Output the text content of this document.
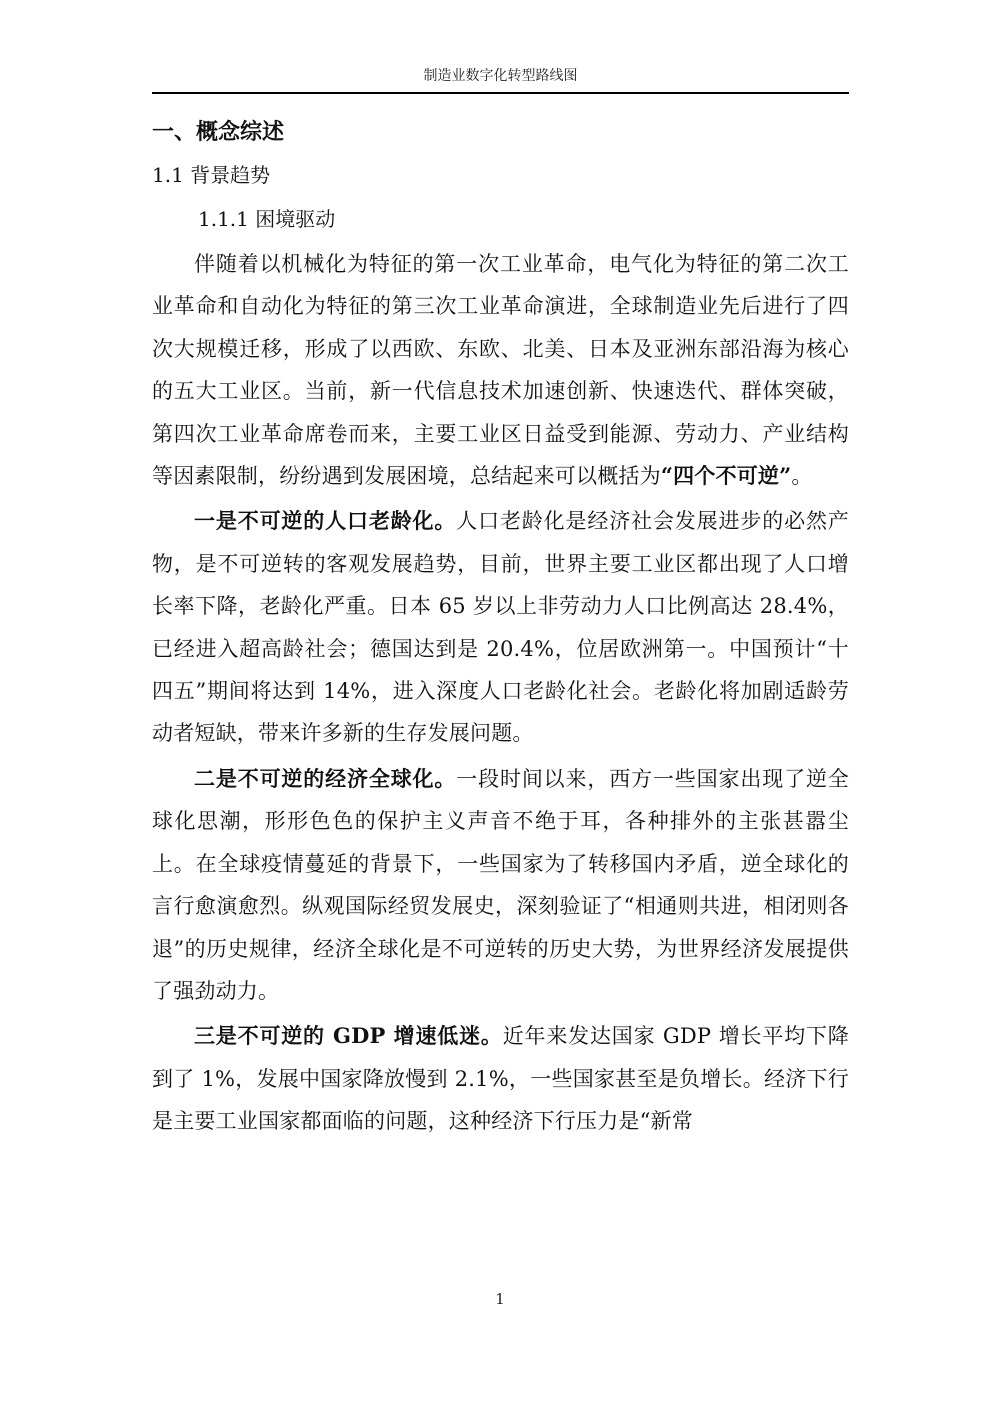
制造业数字化转型路线图
一、概念综述
1.1 背景趋势
1.1.1 困境驱动

伴随着以机械化为特征的第一次工业革命，电气化为特征的第二次工业革命和自动化为特征的第三次工业革命演进，全球制造业先后进行了四次大规模迁移，形成了以西欧、东欧、北美、日本及亚洲东部沿海为核心的五大工业区。当前，新一代信息技术加速创新、快速迭代、群体突破，第四次工业革命席卷而来，主要工业区日益受到能源、劳动力、产业结构等因素限制，纷纷遇到发展困境，总结起来可以概括为“四个不可逆”。

一是不可逆的人口老龄化。人口老龄化是经济社会发展进步的必然产物，是不可逆转的客观发展趋势，目前，世界主要工业区都出现了人口增长率下降，老龄化严重。日本 65 岁以上非劳动力人口比例高达 28.4%，已经进入超高龄社会；德国达到是 20.4%，位居欧洲第一。中国预计“十四五”期间将达到 14%，进入深度人口老龄化社会。老龄化将加剧适龄劳动者短缺，带来许多新的生存发展问题。

二是不可逆的经济全球化。一段时间以来，西方一些国家出现了逆全球化思潮，形形色色的保护主义声音不绝于耳，各种排外的主张甚嚣尘上。在全球疫情蔓延的背景下，一些国家为了转移国内矛盾，逆全球化的言行愈演愈烈。纵观国际经贸发展史，深刻验证了“相通则共进，相闭则各退”的历史规律，经济全球化是不可逆转的历史大势，为世界经济发展提供了强劲动力。

三是不可逆的 GDP 增速低迷。近年来发达国家 GDP 增长平均下降到了 1%，发展中国家降放慢到 2.1%，一些国家甚至是负增长。经济下行是主要工业国家都面临的问题，这种经济下行压力是“新常

1
